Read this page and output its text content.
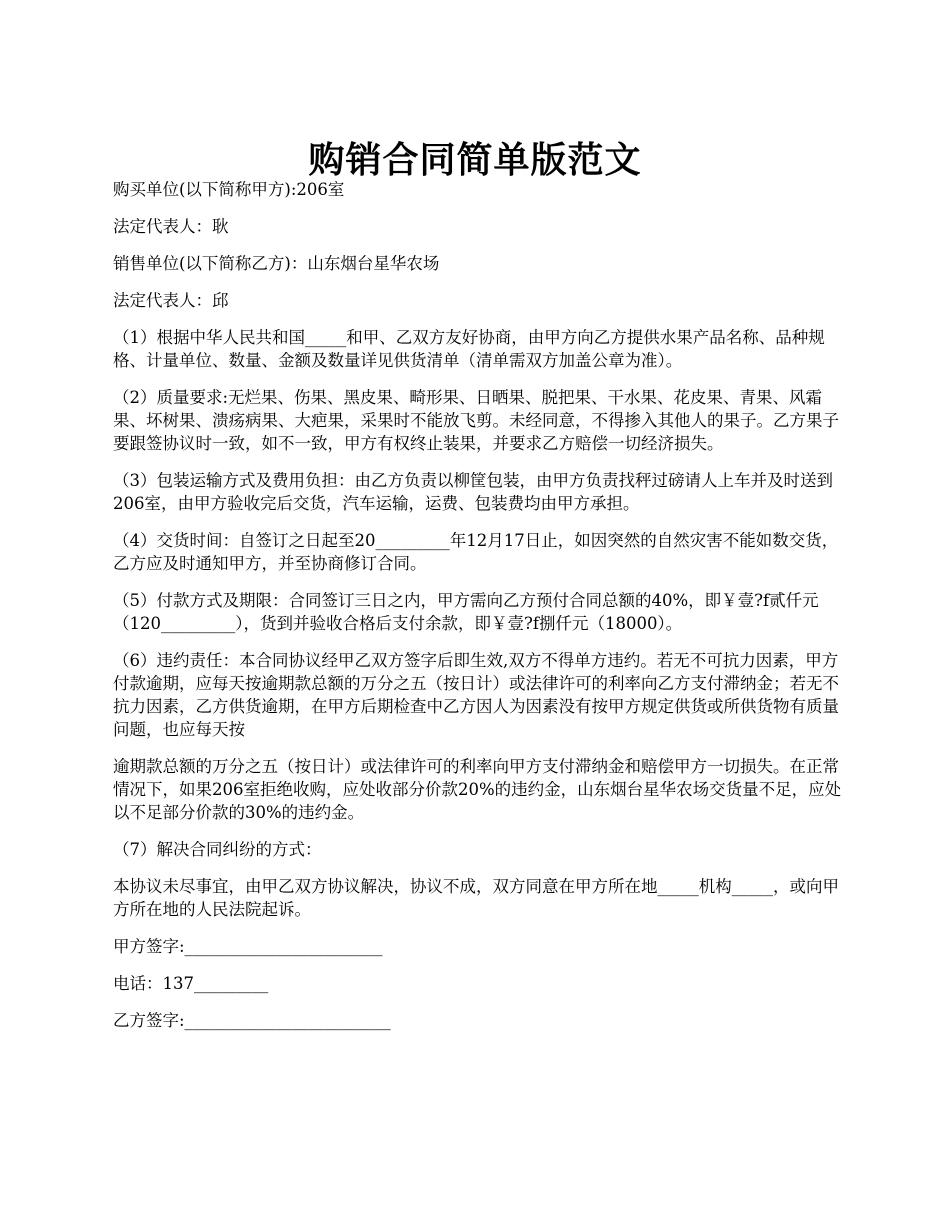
购销合同简单版范文

购买单位(以下简称甲方):206室

法定代表人：耿

销售单位(以下简称乙方)：山东烟台星华农场

法定代表人：邱

（1）根据中华人民共和国_____和甲、乙双方友好协商，由甲方向乙方提供水果产品名称、品种规格、计量单位、数量、金额及数量详见供货清单（清单需双方加盖公章为准）。

（2）质量要求:无烂果、伤果、黑皮果、畸形果、日晒果、脱把果、干水果、花皮果、青果、风霜果、坏树果、溃疡病果、大疤果，采果时不能放飞剪。未经同意，不得掺入其他人的果子。乙方果子要跟签协议时一致，如不一致，甲方有权终止装果，并要求乙方赔偿一切经济损失。

（3）包装运输方式及费用负担：由乙方负责以柳筐包装，由甲方负责找秤过磅请人上车并及时送到206室，由甲方验收完后交货，汽车运输，运费、包装费均由甲方承担。

（4）交货时间：自签订之日起至20_________年12月17日止，如因突然的自然灾害不能如数交货，乙方应及时通知甲方，并至协商修订合同。

（5）付款方式及期限：合同签订三日之内，甲方需向乙方预付合同总额的40%，即￥壹?f贰仟元（120_________），货到并验收合格后支付余款，即￥壹?f捌仟元（18000）。

（6）违约责任：本合同协议经甲乙双方签字后即生效,双方不得单方违约。若无不可抗力因素，甲方付款逾期，应每天按逾期款总额的万分之五（按日计）或法律许可的利率向乙方支付滞纳金；若无不抗力因素，乙方供货逾期，在甲方后期检查中乙方因人为因素没有按甲方规定供货或所供货物有质量问题，也应每天按

逾期款总额的万分之五（按日计）或法律许可的利率向甲方支付滞纳金和赔偿甲方一切损失。在正常情况下，如果206室拒绝收购，应处收部分价款20%的违约金，山东烟台星华农场交货量不足，应处以不足部分价款的30%的违约金。

（7）解决合同纠纷的方式：

本协议未尽事宜，由甲乙双方协议解决，协议不成，双方同意在甲方所在地_____机构_____，或向甲方所在地的人民法院起诉。

甲方签字:________________________

电话：137_________

乙方签字:_________________________
